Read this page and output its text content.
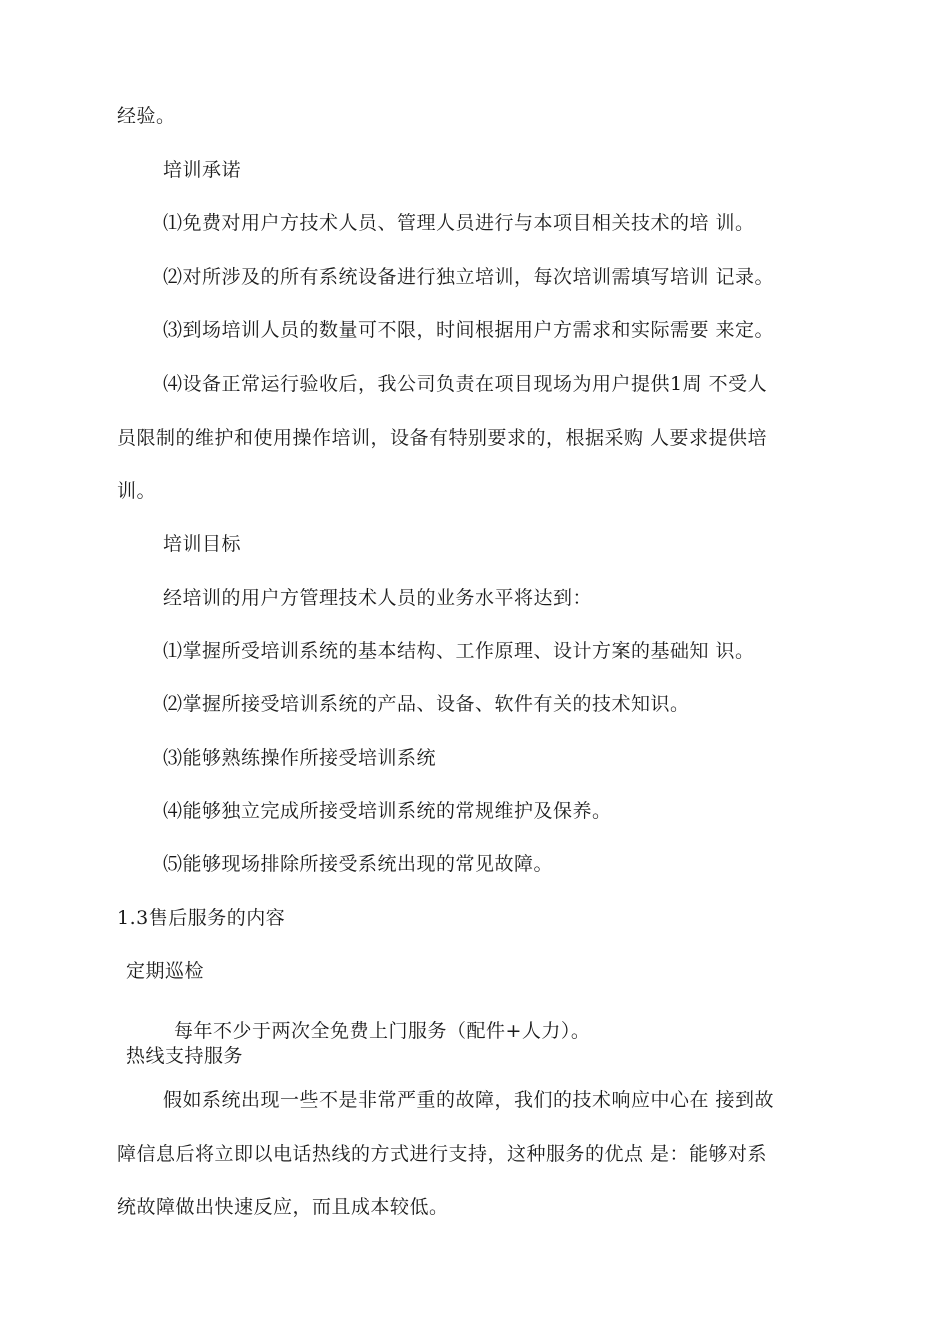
经验。
培训承诺
⑴免费对用户方技术人员、管理人员进行与本项目相关技术的培 训。
⑵对所涉及的所有系统设备进行独立培训，每次培训需填写培训 记录。
⑶到场培训人员的数量可不限，时间根据用户方需求和实际需要 来定。
⑷设备正常运行验收后，我公司负责在项目现场为用户提供1周 不受人
员限制的维护和使用操作培训，设备有特别要求的，根据采购 人要求提供培
训。
培训目标
经培训的用户方管理技术人员的业务水平将达到：
⑴掌握所受培训系统的基本结构、工作原理、设计方案的基础知 识。
⑵掌握所接受培训系统的产品、设备、软件有关的技术知识。
⑶能够熟练操作所接受培训系统
⑷能够独立完成所接受培训系统的常规维护及保养。
⑸能够现场排除所接受系统出现的常见故障。
1.3售后服务的内容
定期巡检
每年不少于两次全免费上门服务（配件+人力）。
热线支持服务
假如系统出现一些不是非常严重的故障，我们的技术响应中心在 接到故
障信息后将立即以电话热线的方式进行支持，这种服务的优点 是：能够对系
统故障做出快速反应，而且成本较低。
